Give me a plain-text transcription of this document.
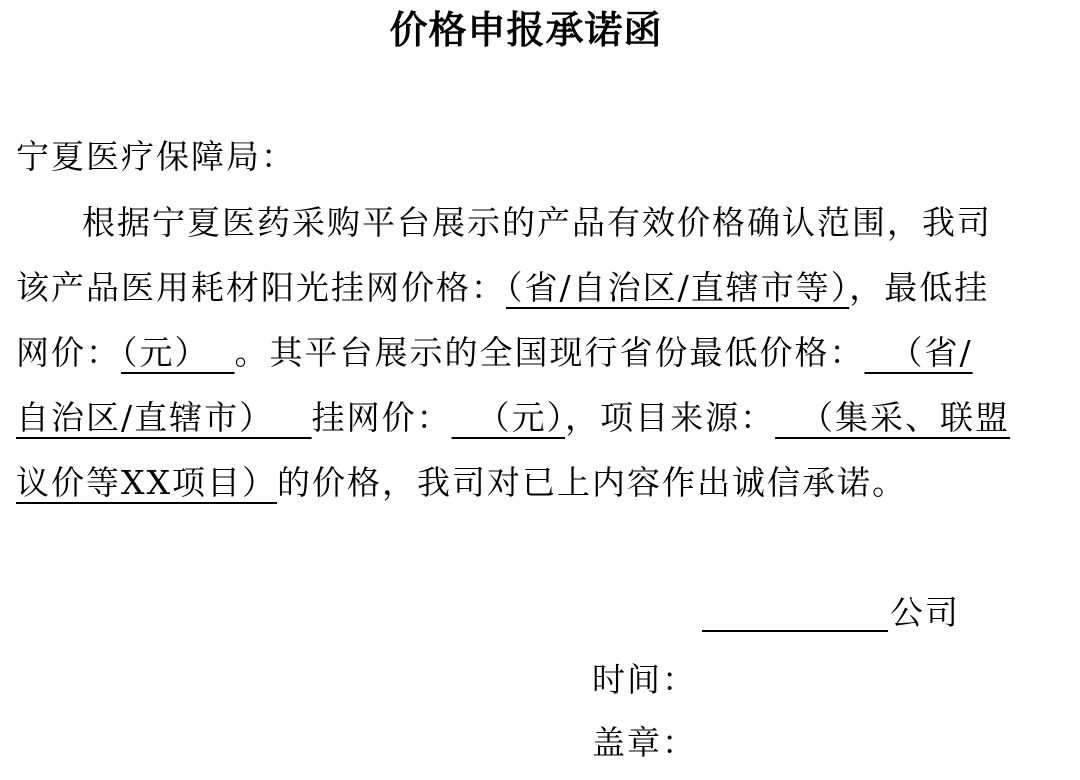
价格申报承诺函
宁夏医疗保障局：
根据宁夏医药采购平台展示的产品有效价格确认范围，我司
该产品医用耗材阳光挂网价格：（省/自治区/直辖市等），最低挂
网价：（元）  。其平台展示的全国现行省份最低价格：  （省/
自治区/直辖市）   挂网价：  （元），项目来源：  （集采、联盟
议价等XX项目）的价格，我司对已上内容作出诚信承诺。
公司
时间：
盖章：
